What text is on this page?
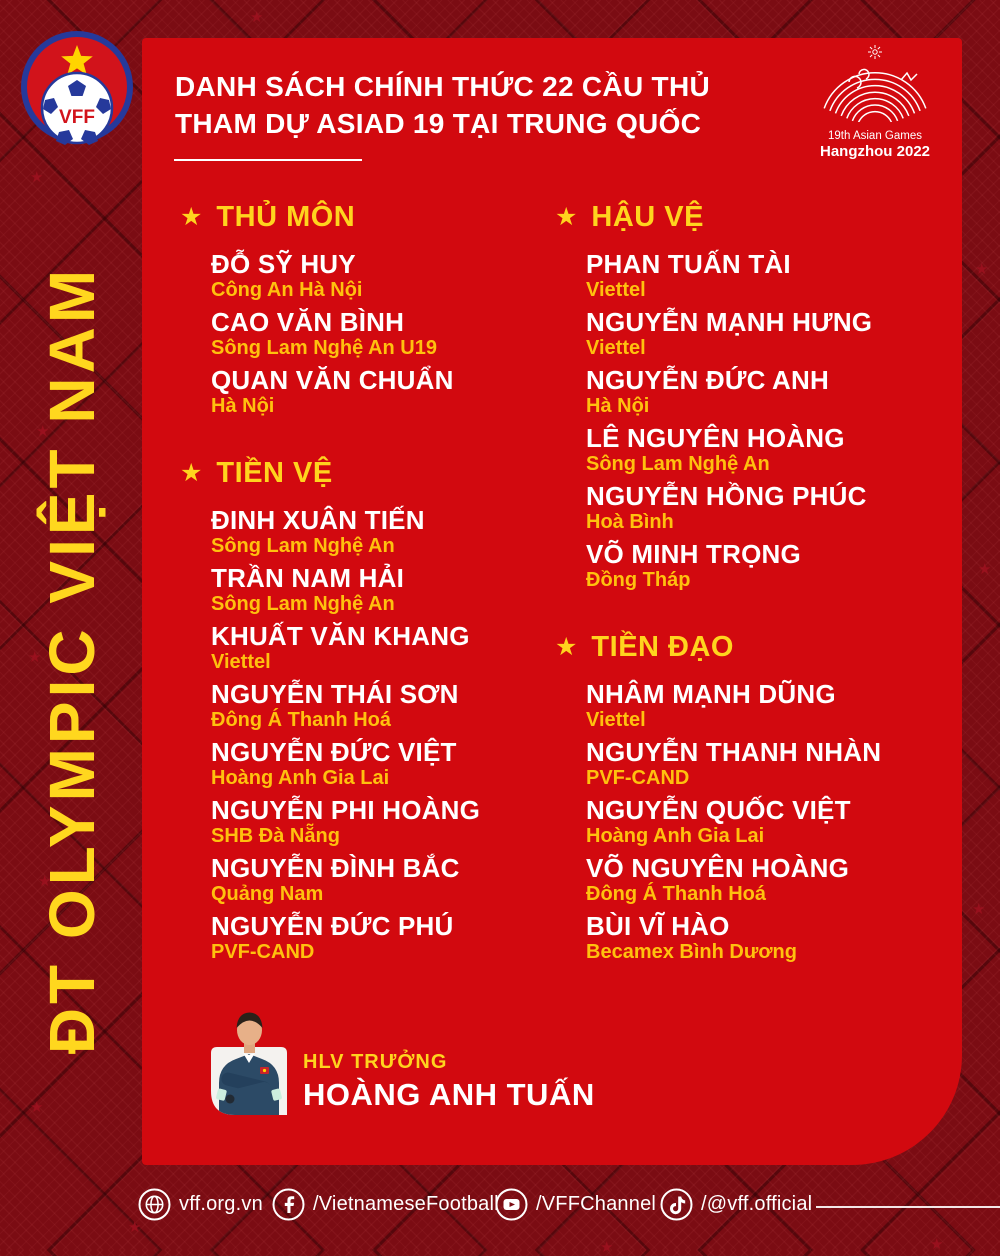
★
★
★
★
★
★
★
★
★
★
★
★
★
VFF
DANH SÁCH CHÍNH THỨC 22 CẦU THỦ
THAM DỰ ASIAD 19 TẠI TRUNG QUỐC	19th Asian Games
Hangzhou 2022
ĐT OLYMPIC VIỆT NAM
★ THỦ MÔN
ĐỖ SỸ HUY
Công An Hà Nội
CAO VĂN BÌNH
Sông Lam Nghệ An U19
QUAN VĂN CHUẨN
Hà Nội
★ TIỀN VỆ
ĐINH XUÂN TIẾN
Sông Lam Nghệ An
TRẦN NAM HẢI
Sông Lam Nghệ An
KHUẤT VĂN KHANG
Viettel
NGUYỄN THÁI SƠN
Đông Á Thanh Hoá
NGUYỄN ĐỨC VIỆT
Hoàng Anh Gia Lai
NGUYỄN PHI HOÀNG
SHB Đà Nẵng
NGUYỄN ĐÌNH BẮC
Quảng Nam
NGUYỄN ĐỨC PHÚ
PVF-CAND
★ HẬU VỆ
PHAN TUẤN TÀI
Viettel
NGUYỄN MẠNH HƯNG
Viettel
NGUYỄN ĐỨC ANH
Hà Nội
LÊ NGUYÊN HOÀNG
Sông Lam Nghệ An
NGUYỄN HỒNG PHÚC
Hoà Bình
VÕ MINH TRỌNG
Đồng Tháp
★ TIỀN ĐẠO
NHÂM MẠNH DŨNG
Viettel
NGUYỄN THANH NHÀN
PVF-CAND
NGUYỄN QUỐC VIỆT
Hoàng Anh Gia Lai
VÕ NGUYÊN HOÀNG
Đông Á Thanh Hoá
BÙI VĨ HÀO
Becamex Bình Dương
HLV TRƯỞNG
HOÀNG ANH TUẤN
vff.org.vn	/VietnameseFootball /VFFChannel /@vff.official
